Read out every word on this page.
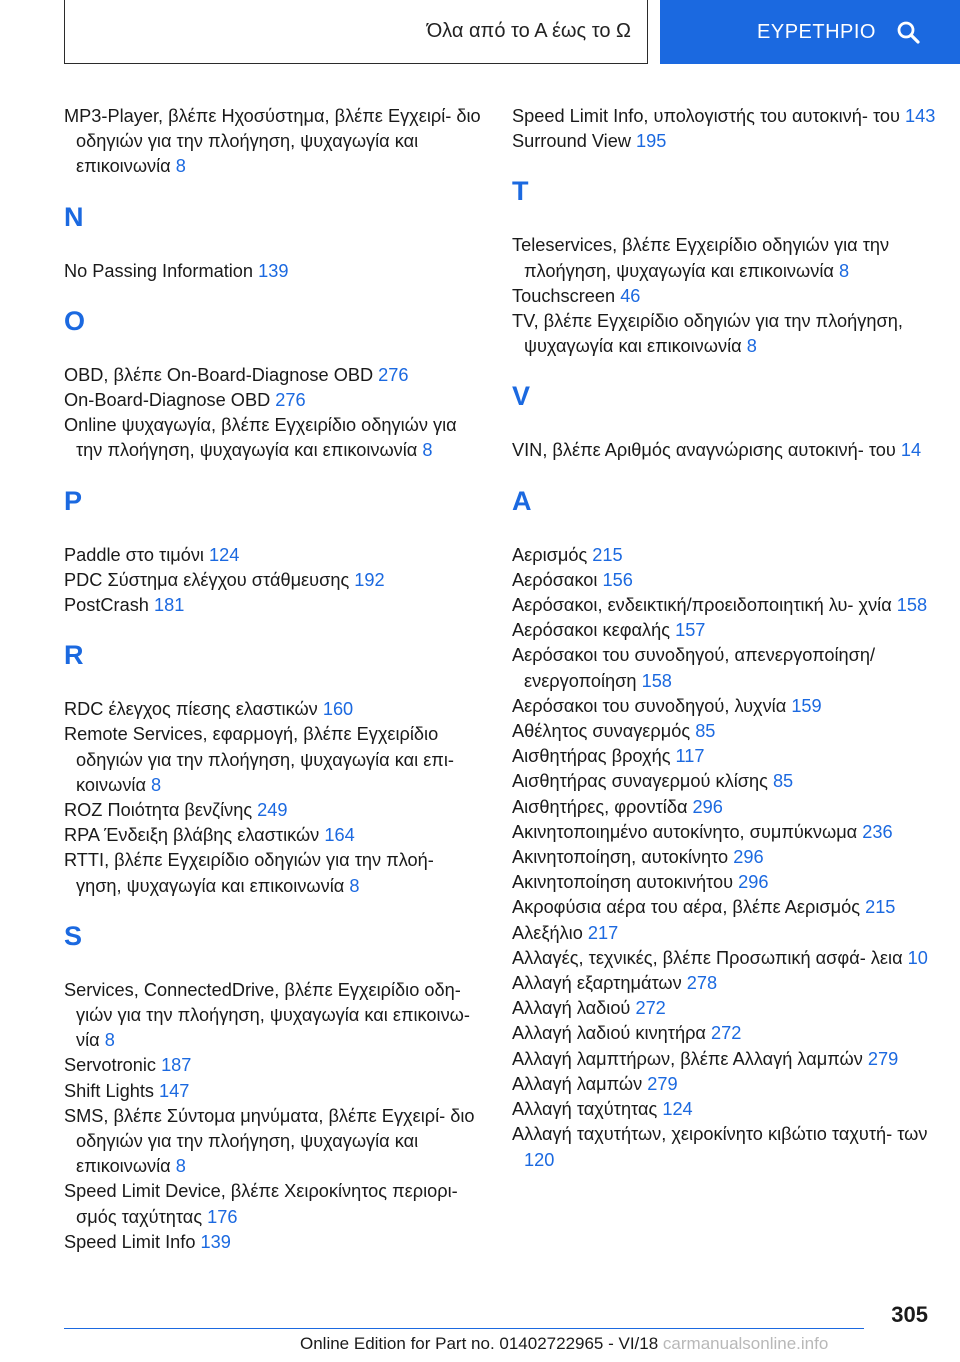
Όλα από το Α έως το Ω	ΕΥΡΕΤΗΡΙΟ
MP3-Player, βλέπε Ηχοσύστημα, βλέπε Εγχειρί- διο οδηγιών για την πλοήγηση, ψυχαγωγία και επικοινωνία 8
N
No Passing Information 139
O
OBD, βλέπε On-Board-Diagnose OBD 276
On-Board-Diagnose OBD 276
Online ψυχαγωγία, βλέπε Εγχειρίδιο οδηγιών για την πλοήγηση, ψυχαγωγία και επικοινωνία 8
P
Paddle στο τιμόνι 124
PDC Σύστημα ελέγχου στάθμευσης 192
PostCrash 181
R
RDC έλεγχος πίεσης ελαστικών 160
Remote Services, εφαρμογή, βλέπε Εγχειρίδιο οδηγιών για την πλοήγηση, ψυχαγωγία και επι- κοινωνία 8
ROZ Ποιότητα βενζίνης 249
RPA Ένδειξη βλάβης ελαστικών 164
RTTI, βλέπε Εγχειρίδιο οδηγιών για την πλοή- γηση, ψυχαγωγία και επικοινωνία 8
S
Services, ConnectedDrive, βλέπε Εγχειρίδιο οδη- γιών για την πλοήγηση, ψυχαγωγία και επικοινω- νία 8
Servotronic 187
Shift Lights 147
SMS, βλέπε Σύντομα μηνύματα, βλέπε Εγχειρί- διο οδηγιών για την πλοήγηση, ψυχαγωγία και επικοινωνία 8
Speed Limit Device, βλέπε Χειροκίνητος περιορι- σμός ταχύτητας 176
Speed Limit Info 139
Speed Limit Info, υπολογιστής του αυτοκινή- του 143
Surround View 195
T
Teleservices, βλέπε Εγχειρίδιο οδηγιών για την πλοήγηση, ψυχαγωγία και επικοινωνία 8
Touchscreen 46
TV, βλέπε Εγχειρίδιο οδηγιών για την πλοήγηση, ψυχαγωγία και επικοινωνία 8
V
VIN, βλέπε Αριθμός αναγνώρισης αυτοκινή- του 14
A
Αερισμός 215
Αερόσακοι 156
Αερόσακοι, ενδεικτική/προειδοποιητική λυ- χνία 158
Αερόσακοι κεφαλής 157
Αερόσακοι του συνοδηγού, απενεργοποίηση/ ενεργοποίηση 158
Αερόσακοι του συνοδηγού, λυχνία 159
Αθέλητος συναγερμός 85
Αισθητήρας βροχής 117
Αισθητήρας συναγερμού κλίσης 85
Αισθητήρες, φροντίδα 296
Ακινητοποιημένο αυτοκίνητο, συμπύκνωμα 236
Ακινητοποίηση, αυτοκίνητο 296
Ακινητοποίηση αυτοκινήτου 296
Ακροφύσια αέρα του αέρα, βλέπε Αερισμός 215
Αλεξήλιο 217
Αλλαγές, τεχνικές, βλέπε Προσωπική ασφά- λεια 10
Αλλαγή εξαρτημάτων 278
Αλλαγή λαδιού 272
Αλλαγή λαδιού κινητήρα 272
Αλλαγή λαμπτήρων, βλέπε Αλλαγή λαμπών 279
Αλλαγή λαμπών 279
Αλλαγή ταχύτητας 124
Αλλαγή ταχυτήτων, χειροκίνητο κιβώτιο ταχυτή- των 120
305
Online Edition for Part no. 01402722965 - VI/18 carmanualsonline.info
